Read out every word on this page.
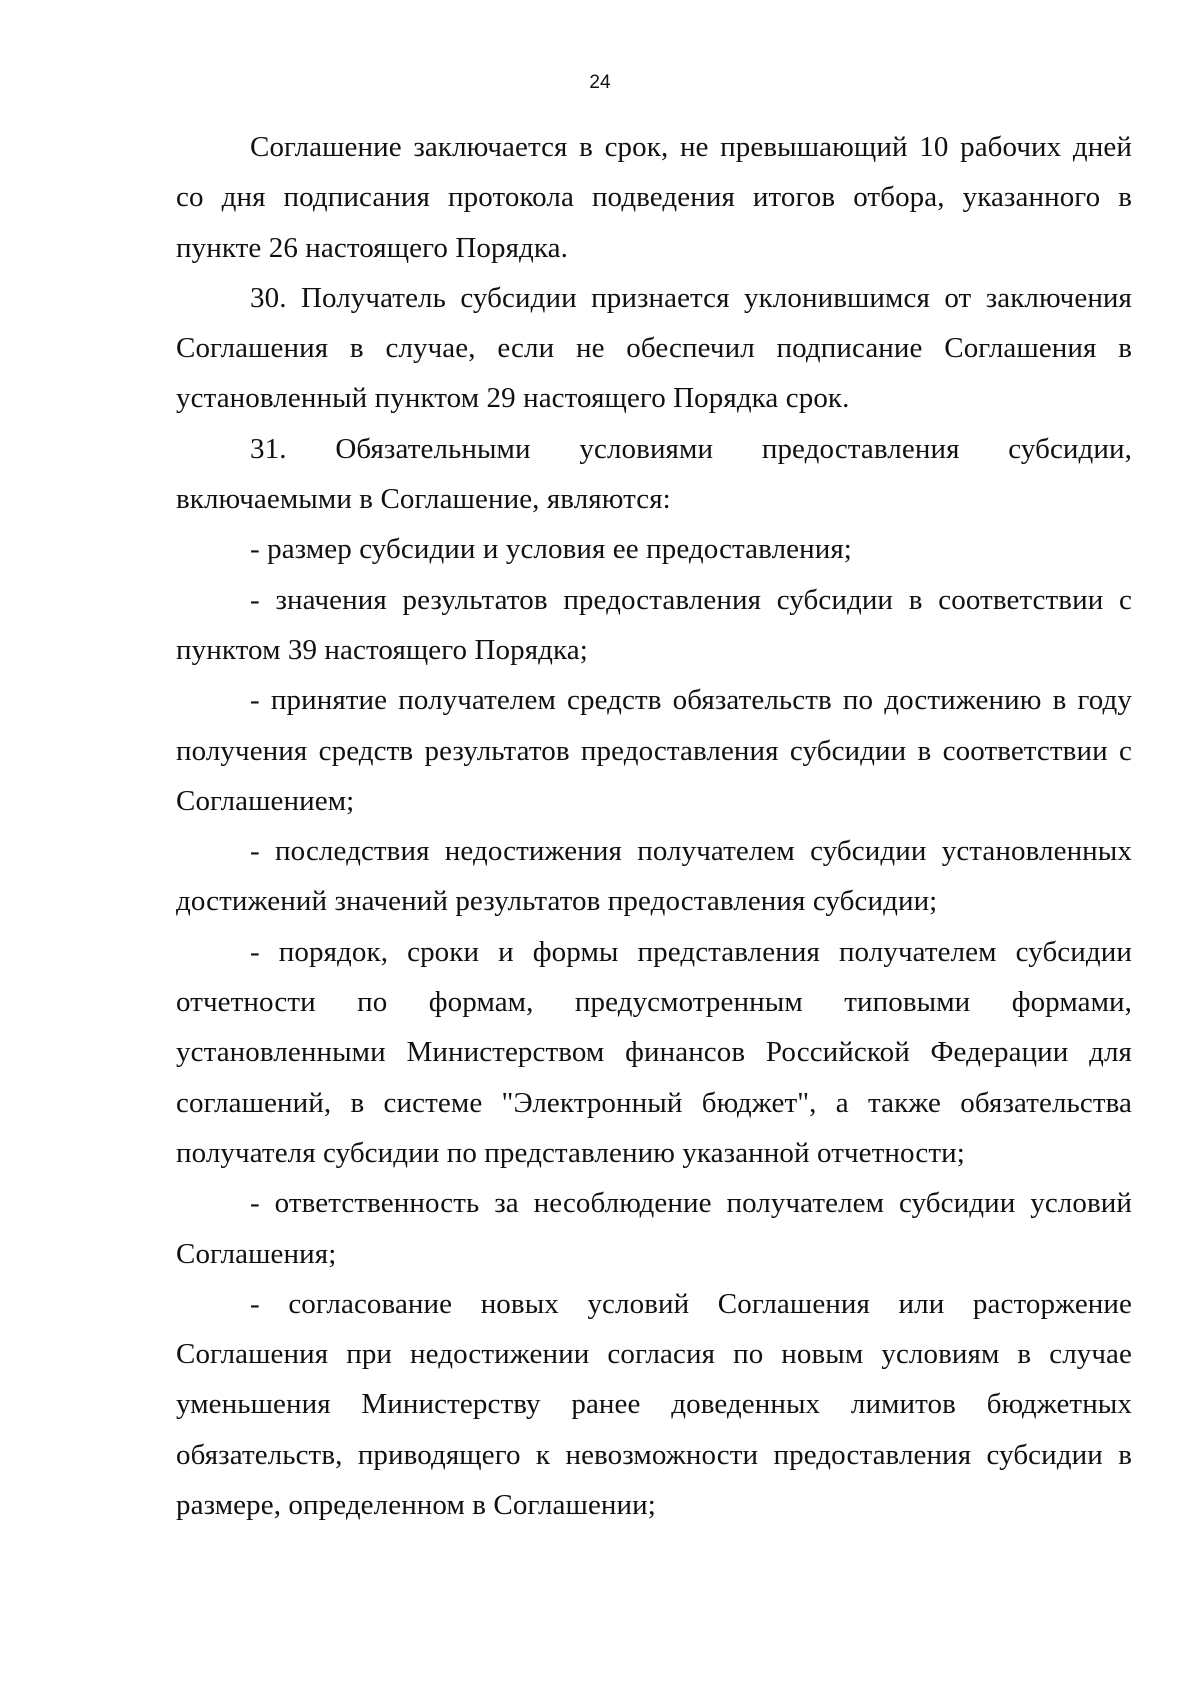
24

Соглашение заключается в срок, не превышающий 10 рабочих дней со дня подписания протокола подведения итогов отбора, указанного в пункте 26 настоящего Порядка.

30. Получатель субсидии признается уклонившимся от заключения Соглашения в случае, если не обеспечил подписание Соглашения в установленный пунктом 29 настоящего Порядка срок.

31. Обязательными условиями предоставления субсидии, включаемыми в Соглашение, являются:

- размер субсидии и условия ее предоставления;

- значения результатов предоставления субсидии в соответствии с пунктом 39 настоящего Порядка;

- принятие получателем средств обязательств по достижению в году получения средств результатов предоставления субсидии в соответствии с Соглашением;

- последствия недостижения получателем субсидии установленных достижений значений результатов предоставления субсидии;

- порядок, сроки и формы представления получателем субсидии отчетности по формам, предусмотренным типовыми формами, установленными Министерством финансов Российской Федерации для соглашений, в системе "Электронный бюджет", а также обязательства получателя субсидии по представлению указанной отчетности;

- ответственность за несоблюдение получателем субсидии условий Соглашения;

- согласование новых условий Соглашения или расторжение Соглашения при недостижении согласия по новым условиям в случае уменьшения Министерству ранее доведенных лимитов бюджетных обязательств, приводящего к невозможности предоставления субсидии в размере, определенном в Соглашении;
